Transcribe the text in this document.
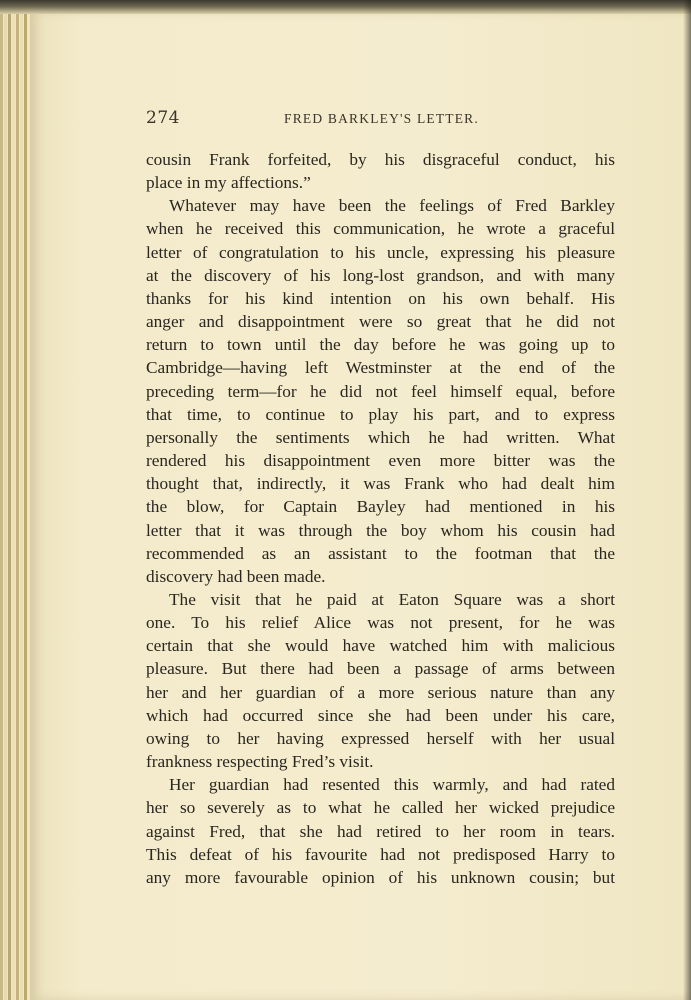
274	FRED BARKLEY'S LETTER.
cousin Frank forfeited, by his disgraceful conduct, his
place in my affections.”
Whatever may have been the feelings of Fred Barkley
when he received this communication, he wrote a graceful
letter of congratulation to his uncle, expressing his pleasure
at the discovery of his long-lost grandson, and with many
thanks for his kind intention on his own behalf. His
anger and disappointment were so great that he did not
return to town until the day before he was going up to
Cambridge—having left Westminster at the end of the
preceding term—for he did not feel himself equal, before
that time, to continue to play his part, and to express
personally the sentiments which he had written. What
rendered his disappointment even more bitter was the
thought that, indirectly, it was Frank who had dealt him
the blow, for Captain Bayley had mentioned in his
letter that it was through the boy whom his cousin had
recommended as an assistant to the footman that the
discovery had been made.
The visit that he paid at Eaton Square was a short
one. To his relief Alice was not present, for he was
certain that she would have watched him with malicious
pleasure. But there had been a passage of arms between
her and her guardian of a more serious nature than any
which had occurred since she had been under his care,
owing to her having expressed herself with her usual
frankness respecting Fred’s visit.
Her guardian had resented this warmly, and had rated
her so severely as to what he called her wicked prejudice
against Fred, that she had retired to her room in tears.
This defeat of his favourite had not predisposed Harry to
any more favourable opinion of his unknown cousin; but
